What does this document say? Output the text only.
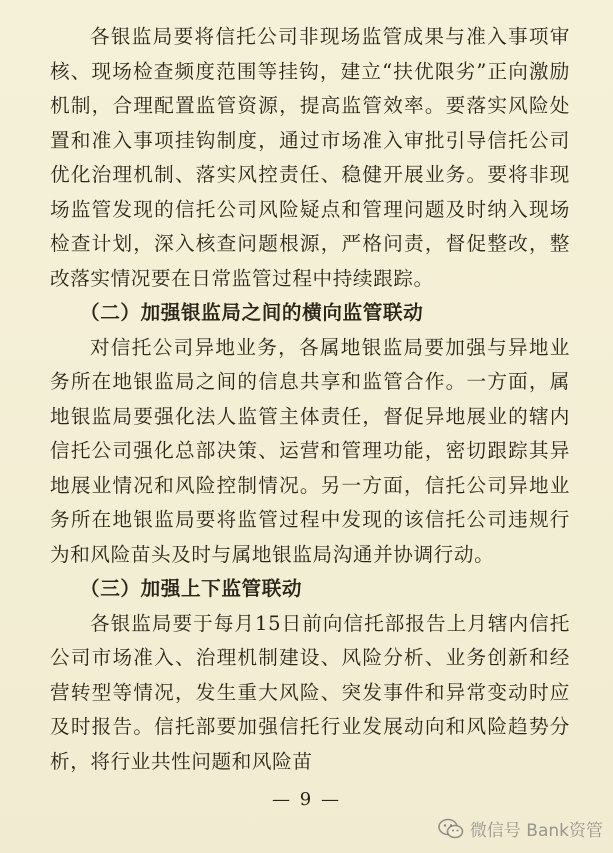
各银监局要将信托公司非现场监管成果与准入事项审核、现场检查频度范围等挂钩，建立“扶优限劣”正向激励机制，合理配置监管资源，提高监管效率。要落实风险处置和准入事项挂钩制度，通过市场准入审批引导信托公司优化治理机制、落实风控责任、稳健开展业务。要将非现场监管发现的信托公司风险疑点和管理问题及时纳入现场检查计划，深入核查问题根源，严格问责，督促整改，整改落实情况要在日常监管过程中持续跟踪。

（二）加强银监局之间的横向监管联动

对信托公司异地业务，各属地银监局要加强与异地业务所在地银监局之间的信息共享和监管合作。一方面，属地银监局要强化法人监管主体责任，督促异地展业的辖内信托公司强化总部决策、运营和管理功能，密切跟踪其异地展业情况和风险控制情况。另一方面，信托公司异地业务所在地银监局要将监管过程中发现的该信托公司违规行为和风险苗头及时与属地银监局沟通并协调行动。

（三）加强上下监管联动

各银监局要于每月15日前向信托部报告上月辖内信托公司市场准入、治理机制建设、风险分析、业务创新和经营转型等情况，发生重大风险、突发事件和异常变动时应及时报告。信托部要加强信托行业发展动向和风险趋势分析，将行业共性问题和风险苗

— 9 —
微信号 Bank资管
